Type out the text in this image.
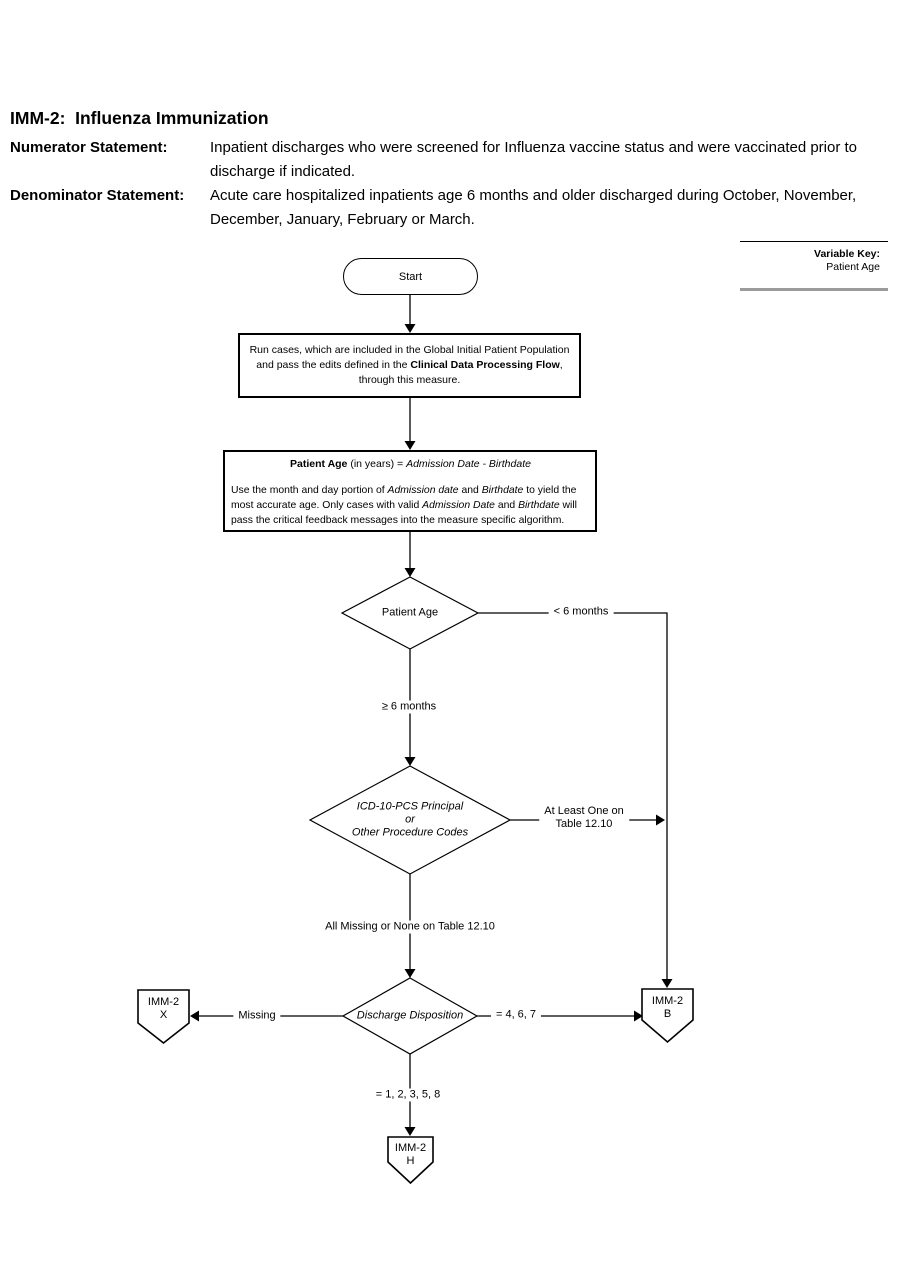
IMM-2:  Influenza Immunization
Numerator Statement:	Inpatient discharges who were screened for Influenza vaccine status and were vaccinated prior to discharge if indicated.
Denominator Statement:	Acute care hospitalized inpatients age 6 months and older discharged during October, November, December, January, February or March.
Variable Key:
Patient Age
Start
Run cases, which are included in the Global Initial Patient Population
and pass the edits defined in the Clinical Data Processing Flow,
through this measure.
Patient Age (in years) = Admission Date - Birthdate
Use the month and day portion of Admission date and Birthdate to yield the most accurate age. Only cases with valid Admission Date and Birthdate will pass the critical feedback messages into the measure specific algorithm.
Patient Age
ICD-10-PCS Principal
or
Other Procedure Codes
Discharge Disposition
< 6 months
≥ 6 months
At Least One on
Table 12.10
All Missing or None on Table 12.10
Missing	= 4, 6, 7
= 1, 2, 3, 5, 8
IMM-2
X
IMM-2
B
IMM-2
H
